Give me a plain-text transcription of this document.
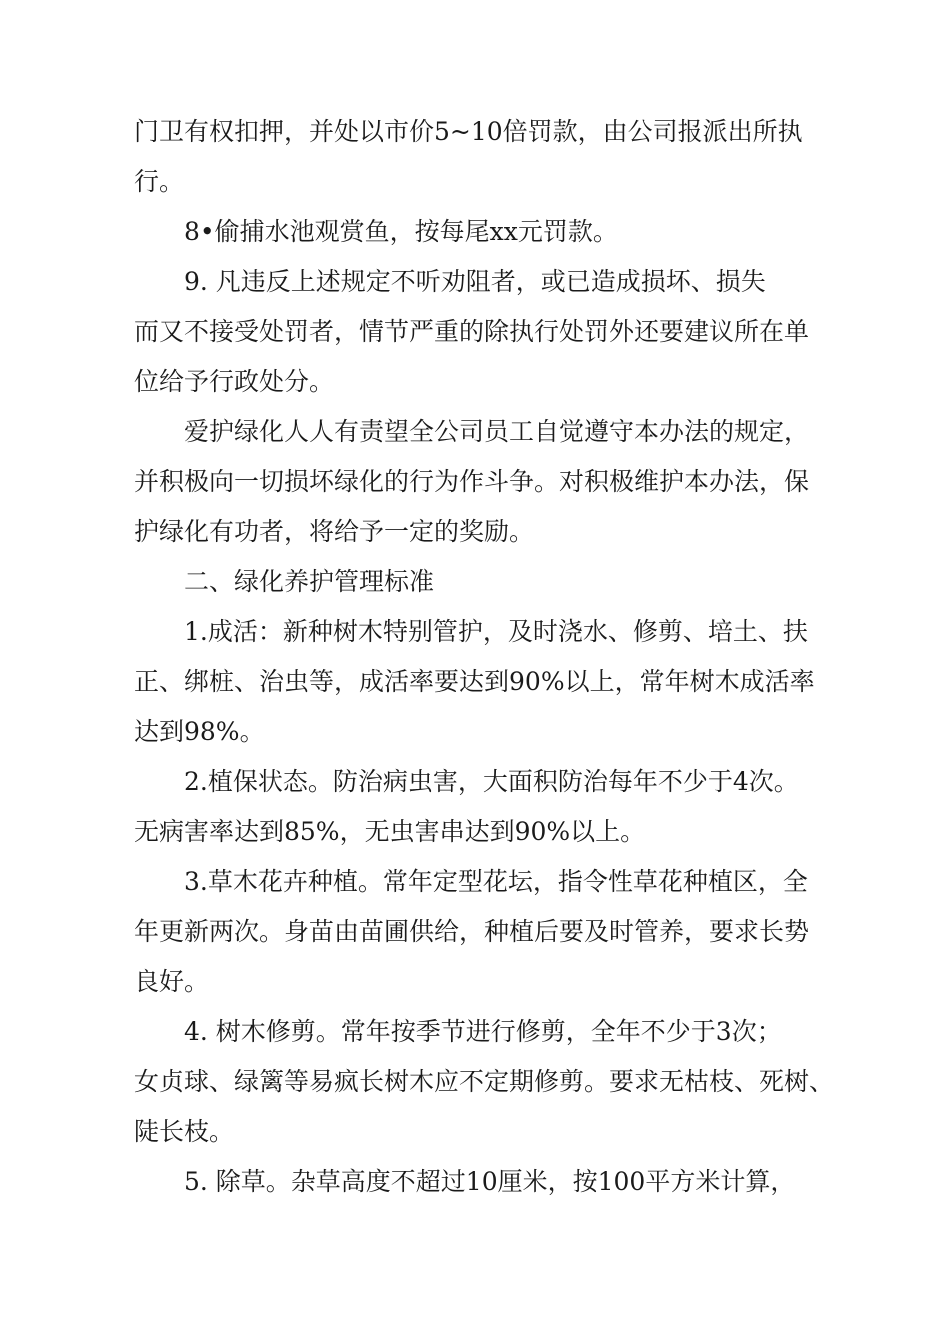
门卫有权扣押，并处以市价5~10倍罚款，由公司报派出所执
行。
8•偷捕水池观赏鱼，按每尾xx元罚款。
9. 凡违反上述规定不听劝阻者，或已造成损坏、损失
而又不接受处罚者，情节严重的除执行处罚外还要建议所在单
位给予行政处分。
爱护绿化人人有责望全公司员工自觉遵守本办法的规定，
并积极向一切损坏绿化的行为作斗争。对积极维护本办法，保
护绿化有功者，将给予一定的奖励。
二、绿化养护管理标准
1.成活：新种树木特别管护，及时浇水、修剪、培土、扶
正、绑桩、治虫等，成活率要达到90%以上，常年树木成活率
达到98%。
2.植保状态。防治病虫害，大面积防治每年不少于4次。
无病害率达到85%，无虫害串达到90%以上。
3.草木花卉种植。常年定型花坛，指令性草花种植区，全
年更新两次。身苗由苗圃供给，种植后要及时管养，要求长势
良好。
4. 树木修剪。常年按季节进行修剪，全年不少于3次；
女贞球、绿篱等易疯长树木应不定期修剪。要求无枯枝、死树、
陡长枝。
5. 除草。杂草高度不超过10厘米，按100平方米计算，
